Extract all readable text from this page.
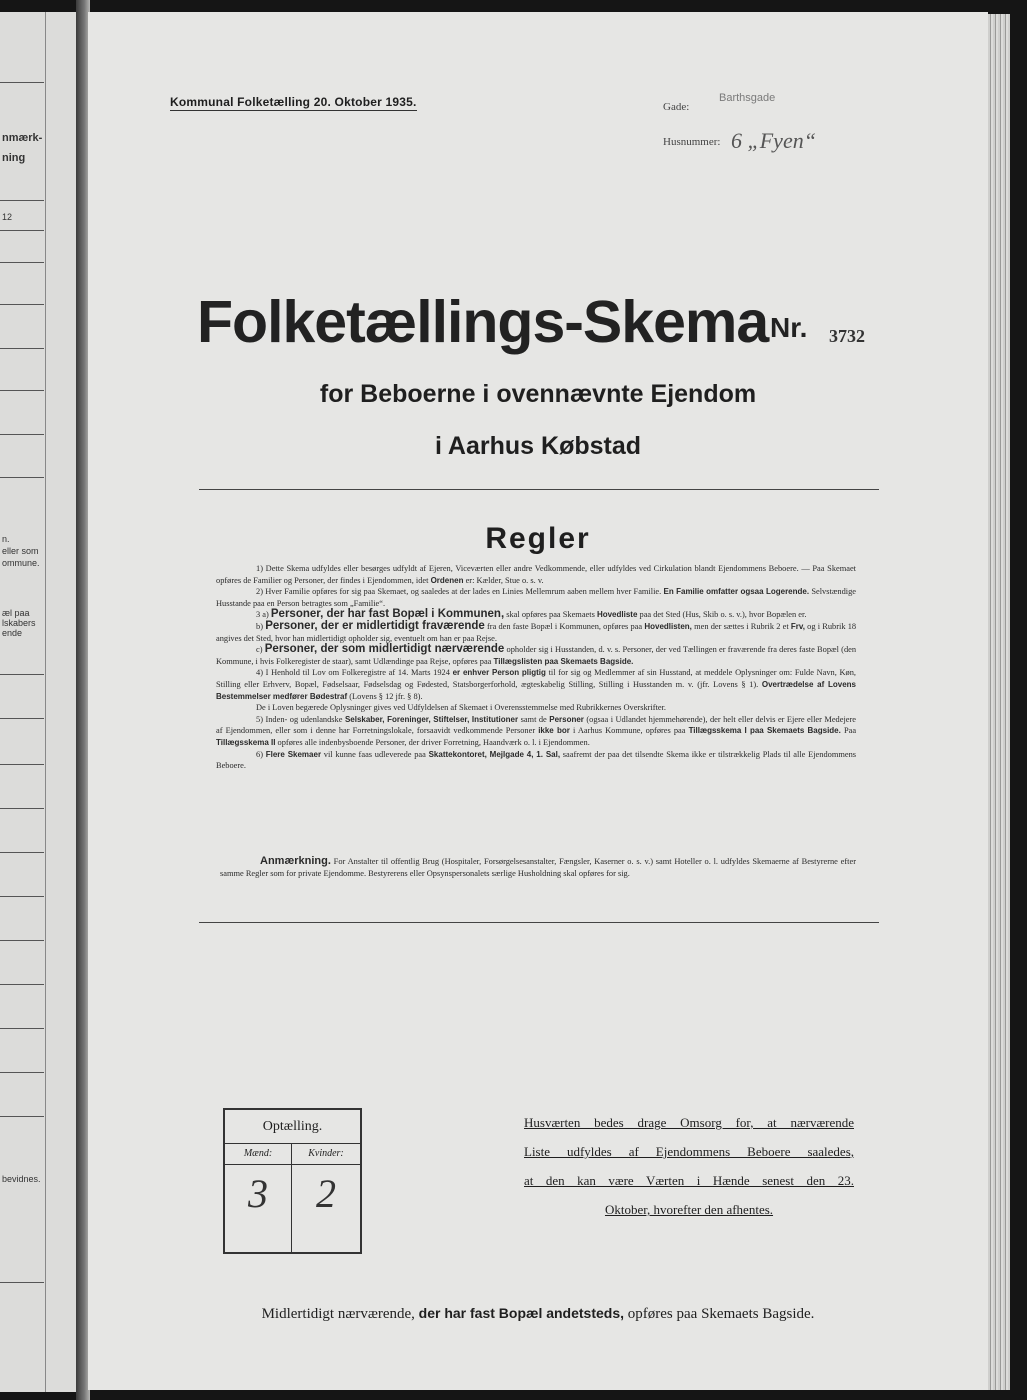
nmærk-
ning
12
n.
eller som
ommune.
æl paa
lskabers
ende
bevidnes.
Kommunal Folketælling 20. Oktober 1935.	Gade:
Barthsgade
Husnummer: 6 „Fyen“
Folketællings-Skema Nr. 3732
for Beboerne i ovennævnte Ejendom
i Aarhus Købstad
Regler

1) Dette Skema udfyldes eller besørges udfyldt af Ejeren, Viceværten eller andre Vedkommende, eller udfyldes ved Cirkulation blandt Ejendommens Beboere. — Paa Skemaet opføres de Familier og Personer, der findes i Ejendommen, idet Ordenen er: Kælder, Stue o. s. v.

2) Hver Familie opføres for sig paa Skemaet, og saaledes at der lades en Linies Mellemrum aaben mellem hver Familie. En Familie omfatter ogsaa Logerende. Selvstændige Husstande paa en Person betragtes som „Familie“.

3 a) Personer, der har fast Bopæl i Kommunen, skal opføres paa Skemaets Hovedliste paa det Sted (Hus, Skib o. s. v.), hvor Bopælen er.

b) Personer, der er midlertidigt fraværende fra den faste Bopæl i Kommunen, opføres paa Hovedlisten, men der sættes i Rubrik 2 et Frv, og i Rubrik 18 angives det Sted, hvor han midlertidigt opholder sig, eventuelt om han er paa Rejse.

c) Personer, der som midlertidigt nærværende opholder sig i Husstanden, d. v. s. Personer, der ved Tællingen er fraværende fra deres faste Bopæl (den Kommune, i hvis Folkeregister de staar), samt Udlændinge paa Rejse, opføres paa Tillægslisten paa Skemaets Bagside.

4) I Henhold til Lov om Folkeregistre af 14. Marts 1924 er enhver Person pligtig til for sig og Medlemmer af sin Husstand, at meddele Oplysninger om: Fulde Navn, Køn, Stilling eller Erhverv, Bopæl, Fødselsaar, Fødselsdag og Fødested, Statsborgerforhold, ægteskabelig Stilling, Stilling i Husstanden m. v. (jfr. Lovens § 1). Overtrædelse af Lovens Bestemmelser medfører Bødestraf (Lovens § 12 jfr. § 8).

De i Loven begærede Oplysninger gives ved Udfyldelsen af Skemaet i Overensstemmelse med Rubrikkernes Overskrifter.

5) Inden- og udenlandske Selskaber, Foreninger, Stiftelser, Institutioner samt de Personer (ogsaa i Udlandet hjemmehørende), der helt eller delvis er Ejere eller Medejere af Ejendommen, eller som i denne har Forretningslokale, forsaavidt vedkommende Personer ikke bor i Aarhus Kommune, opføres paa Tillægsskema I paa Skemaets Bagside. Paa Tillægsskema II opføres alle indenbysboende Personer, der driver Forretning, Haandværk o. l. i Ejendommen.

6) Flere Skemaer vil kunne faas udleverede paa Skattekontoret, Mejlgade 4, 1. Sal, saafremt der paa det tilsendte Skema ikke er tilstrækkelig Plads til alle Ejendommens Beboere.

Anmærkning. For Anstalter til offentlig Brug (Hospitaler, Forsørgelsesanstalter, Fængsler, Kaserner o. s. v.) samt Hoteller o. l. udfyldes Skemaerne af Bestyrerne efter samme Regler som for private Ejendomme. Bestyrerens eller Opsynspersonalets særlige Husholdning skal opføres for sig.
Optælling.
Mænd:
3
Kvinder:
2
Husværten bedes drage Omsorg for, at nærværende
Liste udfyldes af Ejendommens Beboere saaledes,
at den kan være Værten i Hænde senest den 23.
Oktober, hvorefter den afhentes.
Midlertidigt nærværende, der har fast Bopæl andetsteds, opføres paa Skemaets Bagside.
